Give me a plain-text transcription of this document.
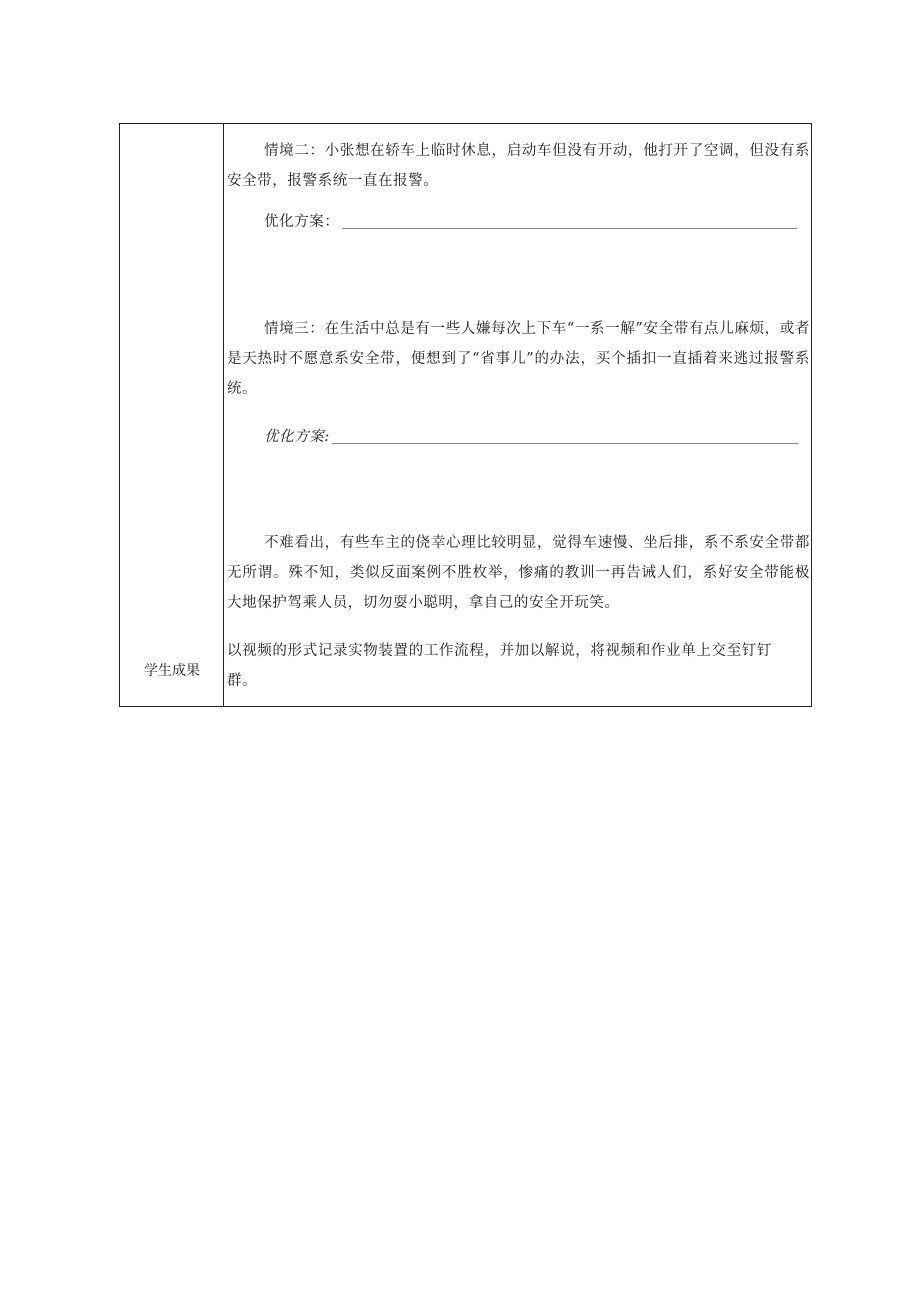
学生成果
情境二：小张想在轿车上临时休息，启动车但没有开动，他打开了空调，但没有系安全带，报警系统一直在报警。
优化方案：
情境三：在生活中总是有一些人嫌每次上下车“一系一解”安全带有点儿麻烦，或者是天热时不愿意系安全带，便想到了“省事儿”的办法，买个插扣一直插着来逃过报警系统。
优化方案:
不难看出，有些车主的侥幸心理比较明显，觉得车速慢、坐后排，系不系安全带都无所谓。殊不知，类似反面案例不胜枚举，惨痛的教训一再告诫人们，系好安全带能极大地保护驾乘人员，切勿耍小聪明，拿自己的安全开玩笑。
以视频的形式记录实物装置的工作流程，并加以解说，将视频和作业单上交至钉钉群。
